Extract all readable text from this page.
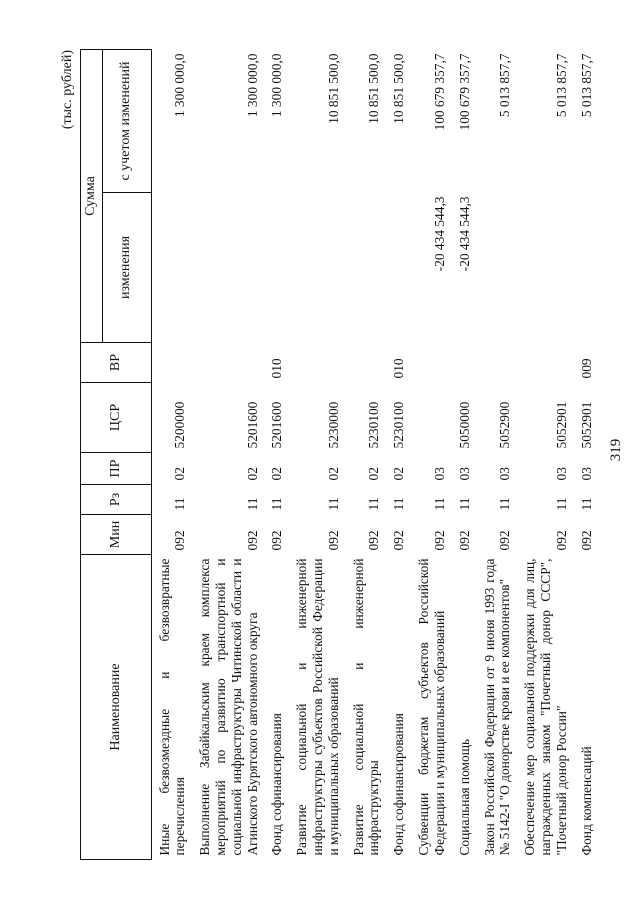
319
(тыс. рублей)
Наименование	Мин	Рз	ПР	ЦСР	ВР	Сумма	
						изменения	с учетом изменений
Иные безвозмездные и безвозвратные перечисления	092	11	02	5200000			1 300 000,0
Выполнение Забайкальским краем комплекса мероприятий по развитию транспортной и социальной инфраструктуры Читинской области и Агинского Бурятского автономного округа	092	11	02	5201600			1 300 000,0
Фонд софинансирования	092	11	02	5201600	010		1 300 000,0
Развитие социальной и инженерной инфраструктуры субъектов Российской Федерации и муниципальных образований	092	11	02	5230000			10 851 500,0
Развитие социальной и инженерной инфраструктуры	092	11	02	5230100			10 851 500,0
Фонд софинансирования	092	11	02	5230100	010		10 851 500,0
Субвенции бюджетам субъектов Российской Федерации и муниципальных образований	092	11	03			-20 434 544,3	100 679 357,7
Социальная помощь	092	11	03	5050000		-20 434 544,3	100 679 357,7
Закон Российской Федерации от 9 июня 1993 года № 5142-I "О донорстве крови и ее компонентов"	092	11	03	5052900			5 013 857,7
Обеспечение мер социальной поддержки для лиц, награжденных знаком "Почетный донор СССР", "Почетный донор России"	092	11	03	5052901			5 013 857,7
Фонд компенсаций	092	11	03	5052901	009		5 013 857,7
